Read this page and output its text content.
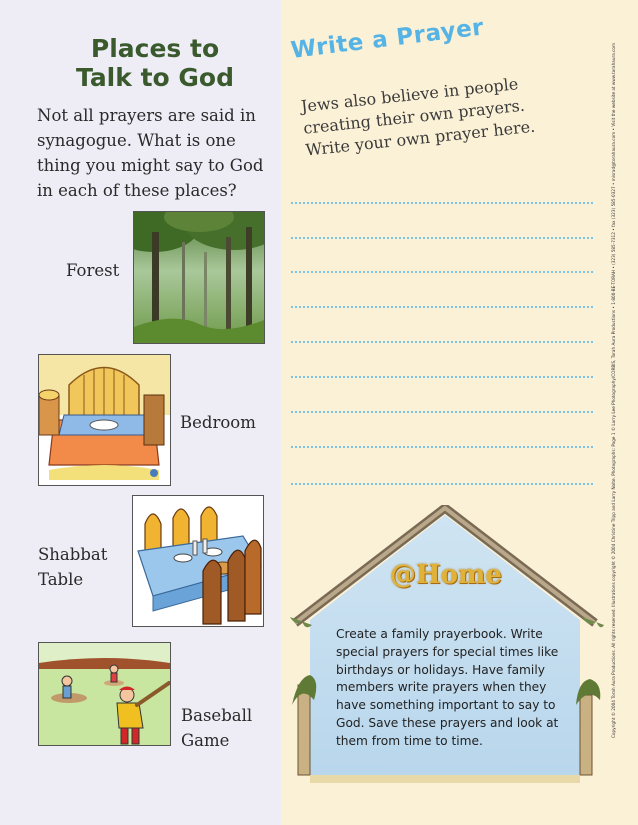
Places to
Talk to God
Not all prayers are said in synagogue. What is one thing you might say to God in each of these places?
Forest
Bedroom
Shabbat
Table
Baseball
Game
Write a Prayer
Jews also believe in people creating their own prayers. Write your own prayer here.
@Home
Create a family prayerbook. Write special prayers for special times like birthdays or holidays. Have family members write prayers when they have something important to say to God. Save these prayers and look at them from time to time.
Copyright © 2004 Torah Aura Productions. All rights reserved. Illustrations copyright © 2004 Christine Tripp and Larry Nolte. Photographs: Page 1 © Larry Lee Photography/CORBIS, Torah Aura Productions • 1-800-BE-TORAH • (323) 585-7312 • fax (323) 585-0327 • misrad@torahaura.com • Visit the website at www.torahaura.com
